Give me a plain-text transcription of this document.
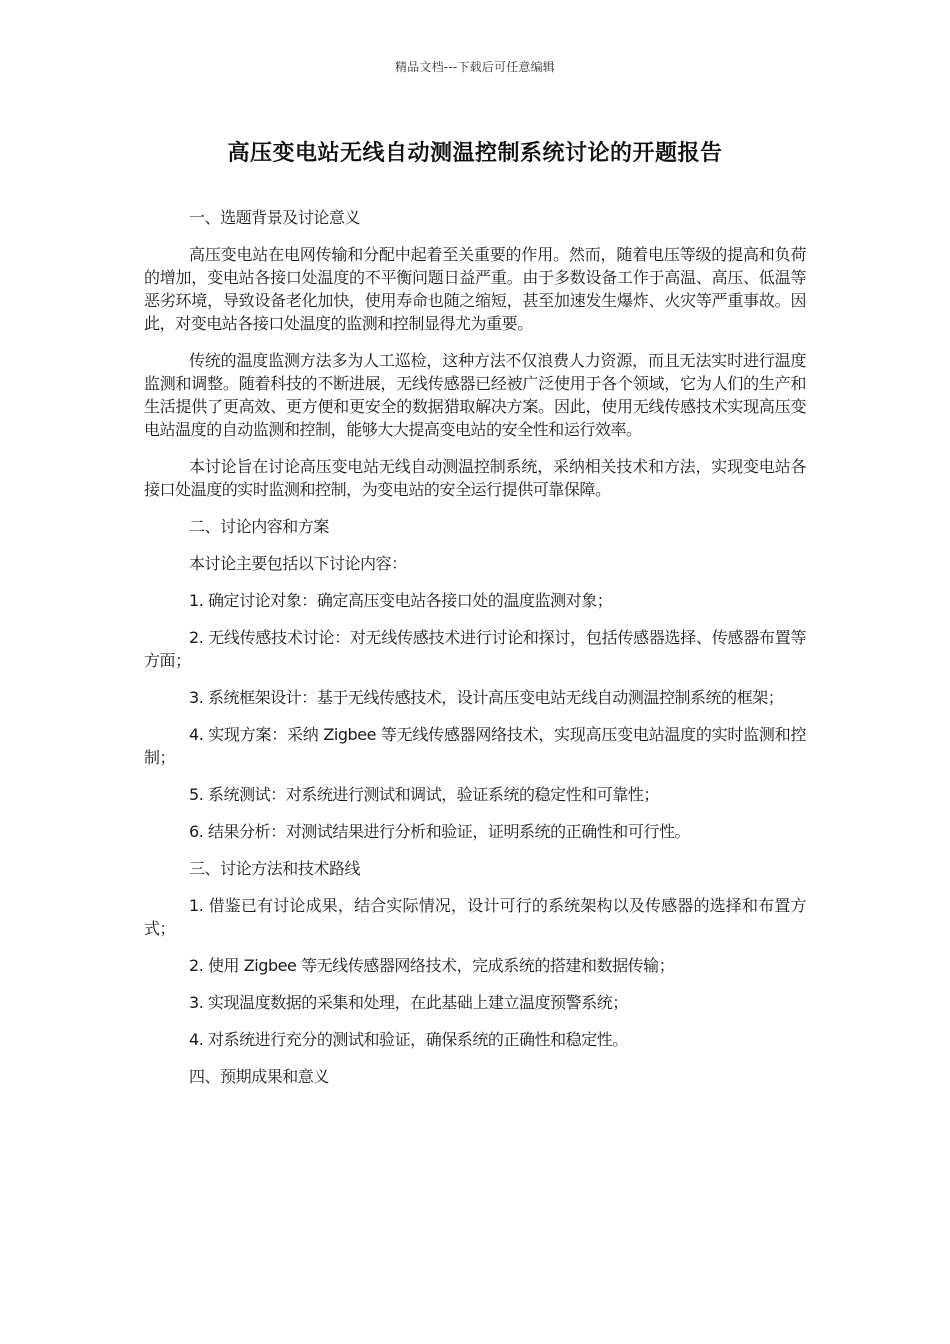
精品文档---下载后可任意编辑
高压变电站无线自动测温控制系统讨论的开题报告

一、选题背景及讨论意义

高压变电站在电网传输和分配中起着至关重要的作用。然而，随着电压等级的提高和负荷的增加，变电站各接口处温度的不平衡问题日益严重。由于多数设备工作于高温、高压、低温等恶劣环境，导致设备老化加快，使用寿命也随之缩短，甚至加速发生爆炸、火灾等严重事故。因此，对变电站各接口处温度的监测和控制显得尤为重要。

传统的温度监测方法多为人工巡检，这种方法不仅浪费人力资源，而且无法实时进行温度监测和调整。随着科技的不断进展，无线传感器已经被广泛使用于各个领域，它为人们的生产和生活提供了更高效、更方便和更安全的数据猎取解决方案。因此，使用无线传感技术实现高压变电站温度的自动监测和控制，能够大大提高变电站的安全性和运行效率。

本讨论旨在讨论高压变电站无线自动测温控制系统，采纳相关技术和方法，实现变电站各接口处温度的实时监测和控制，为变电站的安全运行提供可靠保障。

二、讨论内容和方案

本讨论主要包括以下讨论内容：

1. 确定讨论对象：确定高压变电站各接口处的温度监测对象；

2. 无线传感技术讨论：对无线传感技术进行讨论和探讨，包括传感器选择、传感器布置等方面；

3. 系统框架设计：基于无线传感技术，设计高压变电站无线自动测温控制系统的框架；

4. 实现方案：采纳 Zigbee 等无线传感器网络技术，实现高压变电站温度的实时监测和控制；

5. 系统测试：对系统进行测试和调试，验证系统的稳定性和可靠性；

6. 结果分析：对测试结果进行分析和验证，证明系统的正确性和可行性。

三、讨论方法和技术路线

1. 借鉴已有讨论成果，结合实际情况，设计可行的系统架构以及传感器的选择和布置方式；

2. 使用 Zigbee 等无线传感器网络技术，完成系统的搭建和数据传输；

3. 实现温度数据的采集和处理，在此基础上建立温度预警系统；

4. 对系统进行充分的测试和验证，确保系统的正确性和稳定性。

四、预期成果和意义
